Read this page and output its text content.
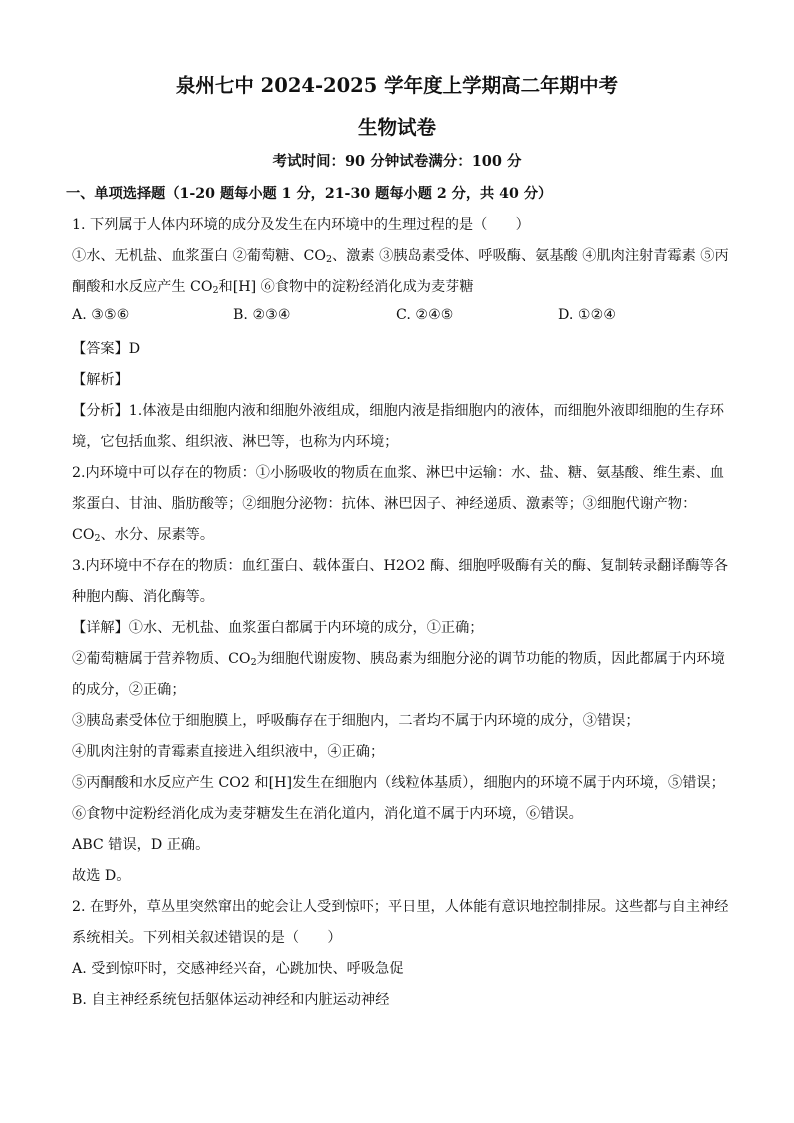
泉州七中 2024-2025 学年度上学期高二年期中考
生物试卷
考试时间：90 分钟试卷满分：100 分
一、单项选择题（1-20 题每小题 1 分，21-30 题每小题 2 分，共 40 分）
1. 下列属于人体内环境的成分及发生在内环境中的生理过程的是（　　）
①水、无机盐、血浆蛋白 ②葡萄糖、$CO_2$、激素 ③胰岛素受体、呼吸酶、氨基酸 ④肌肉注射青霉素 ⑤丙
酮酸和水反应产生 $CO_2$和[H] ⑥食物中的淀粉经消化成为麦芽糖
A. ③⑤⑥	B. ②③④	C. ②④⑤	D. ①②④
【答案】D
【解析】
【分析】1.体液是由细胞内液和细胞外液组成，细胞内液是指细胞内的液体，而细胞外液即细胞的生存环
境，它包括血浆、组织液、淋巴等，也称为内环境；
2.内环境中可以存在的物质：①小肠吸收的物质在血浆、淋巴中运输：水、盐、糖、氨基酸、维生素、血
浆蛋白、甘油、脂肪酸等；②细胞分泌物：抗体、淋巴因子、神经递质、激素等；③细胞代谢产物：
$CO_2$、水分、尿素等。
3.内环境中不存在的物质：血红蛋白、载体蛋白、H2O2 酶、细胞呼吸酶有关的酶、复制转录翻译酶等各
种胞内酶、消化酶等。
【详解】①水、无机盐、血浆蛋白都属于内环境的成分，①正确；
②葡萄糖属于营养物质、$CO_2$为细胞代谢废物、胰岛素为细胞分泌的调节功能的物质，因此都属于内环境
的成分，②正确；
③胰岛素受体位于细胞膜上，呼吸酶存在于细胞内，二者均不属于内环境的成分，③错误；
④肌肉注射的青霉素直接进入组织液中，④正确；
⑤丙酮酸和水反应产生 CO2 和[H]发生在细胞内（线粒体基质），细胞内的环境不属于内环境，⑤错误；
⑥食物中淀粉经消化成为麦芽糖发生在消化道内，消化道不属于内环境，⑥错误。
ABC 错误，D 正确。
故选 D。
2. 在野外，草丛里突然窜出的蛇会让人受到惊吓；平日里，人体能有意识地控制排尿。这些都与自主神经
系统相关。下列相关叙述错误的是（　　）
A. 受到惊吓时，交感神经兴奋，心跳加快、呼吸急促
B. 自主神经系统包括躯体运动神经和内脏运动神经
